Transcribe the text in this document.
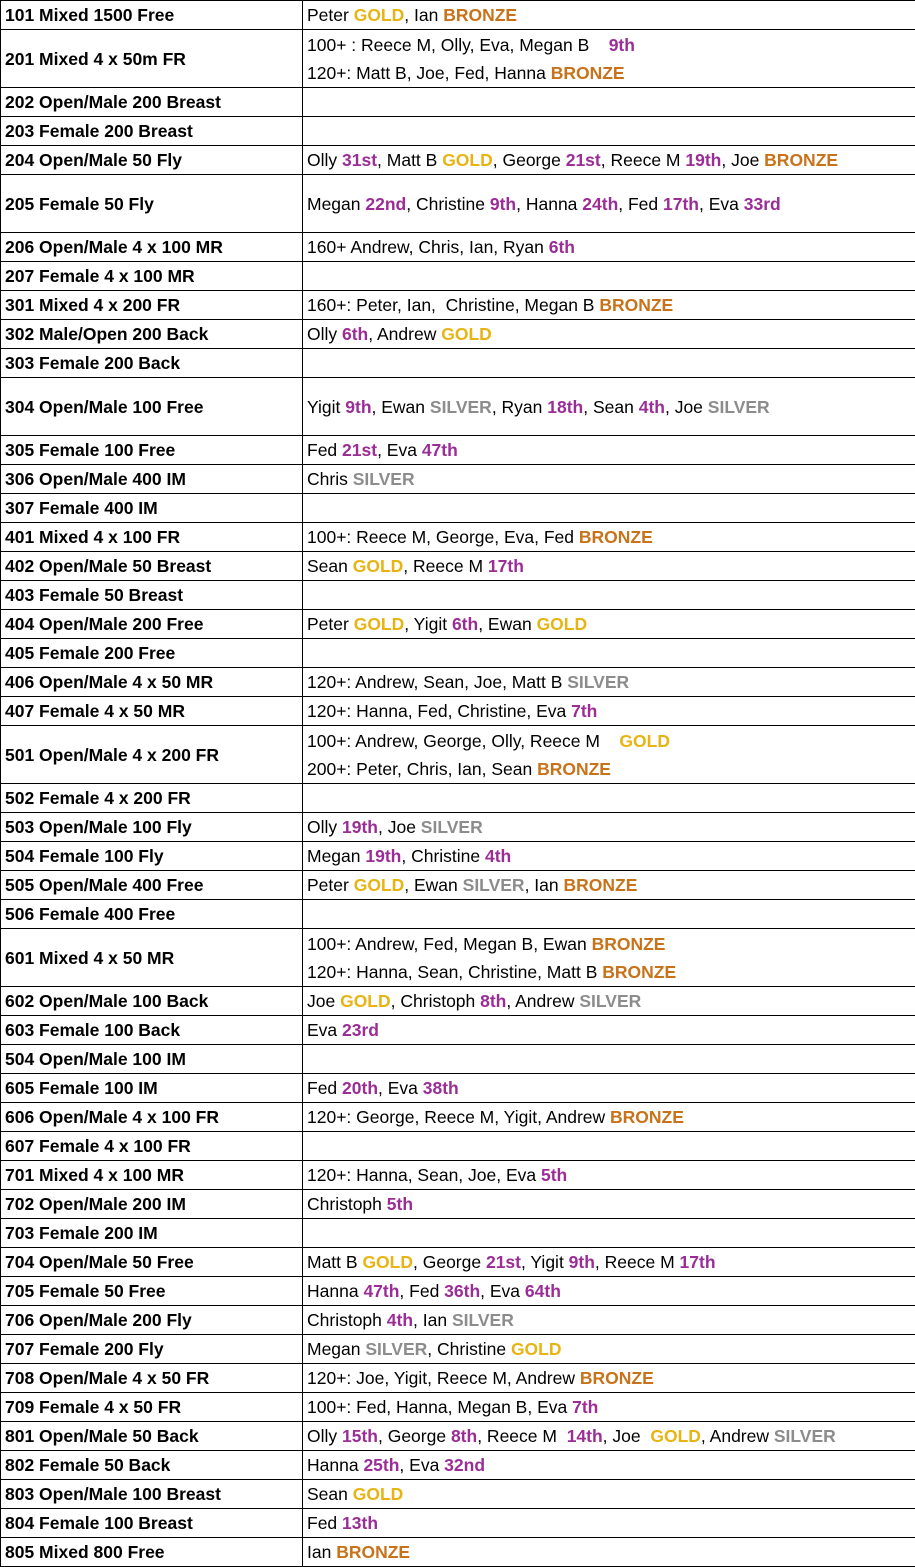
101 Mixed 1500 Free	Peter GOLD, Ian BRONZE

201 Mixed 4 x 50m FR	100+ : Reece M, Olly, Eva, Megan B    9th
120+: Matt B, Joe, Fed, Hanna BRONZE

202 Open/Male 200 Breast	
203 Female 200 Breast	
204 Open/Male 50 Fly	Olly 31st, Matt B GOLD, George 21st, Reece M 19th, Joe BRONZE

205 Female 50 Fly	Megan 22nd, Christine 9th, Hanna 24th, Fed 17th, Eva 33rd

206 Open/Male 4 x 100 MR	160+ Andrew, Chris, Ian, Ryan 6th

207 Female 4 x 100 MR	
301 Mixed 4 x 200 FR	160+: Peter, Ian,  Christine, Megan B BRONZE

302 Male/Open 200 Back	Olly 6th, Andrew GOLD

303 Female 200 Back	
304 Open/Male 100 Free	Yigit 9th, Ewan SILVER, Ryan 18th, Sean 4th, Joe SILVER

305 Female 100 Free	Fed 21st, Eva 47th

306 Open/Male 400 IM	Chris SILVER

307 Female 400 IM	
401 Mixed 4 x 100 FR	100+: Reece M, George, Eva, Fed BRONZE

402 Open/Male 50 Breast	Sean GOLD, Reece M 17th

403 Female 50 Breast	
404 Open/Male 200 Free	Peter GOLD, Yigit 6th, Ewan GOLD

405 Female 200 Free	
406 Open/Male 4 x 50 MR	120+: Andrew, Sean, Joe, Matt B SILVER

407 Female 4 x 50 MR	120+: Hanna, Fed, Christine, Eva 7th

501 Open/Male 4 x 200 FR	100+: Andrew, George, Olly, Reece M    GOLD
200+: Peter, Chris, Ian, Sean BRONZE

502 Female 4 x 200 FR	
503 Open/Male 100 Fly	Olly 19th, Joe SILVER

504 Female 100 Fly	Megan 19th, Christine 4th

505 Open/Male 400 Free	Peter GOLD, Ewan SILVER, Ian BRONZE

506 Female 400 Free	
601 Mixed 4 x 50 MR	100+: Andrew, Fed, Megan B, Ewan BRONZE
120+: Hanna, Sean, Christine, Matt B BRONZE

602 Open/Male 100 Back	Joe GOLD, Christoph 8th, Andrew SILVER

603 Female 100 Back	Eva 23rd

504 Open/Male 100 IM	
605 Female 100 IM	Fed 20th, Eva 38th

606 Open/Male 4 x 100 FR	120+: George, Reece M, Yigit, Andrew BRONZE

607 Female 4 x 100 FR	
701 Mixed 4 x 100 MR	120+: Hanna, Sean, Joe, Eva 5th

702 Open/Male 200 IM	Christoph 5th

703 Female 200 IM	
704 Open/Male 50 Free	Matt B GOLD, George 21st, Yigit 9th, Reece M 17th

705 Female 50 Free	Hanna 47th, Fed 36th, Eva 64th

706 Open/Male 200 Fly	Christoph 4th, Ian SILVER

707 Female 200 Fly	Megan SILVER, Christine GOLD

708 Open/Male 4 x 50 FR	120+: Joe, Yigit, Reece M, Andrew BRONZE

709 Female 4 x 50 FR	100+: Fed, Hanna, Megan B, Eva 7th

801 Open/Male 50 Back	Olly 15th, George 8th, Reece M  14th, Joe  GOLD, Andrew SILVER

802 Female 50 Back	Hanna 25th, Eva 32nd

803 Open/Male 100 Breast	Sean GOLD

804 Female 100 Breast	Fed 13th

805 Mixed 800 Free	Ian BRONZE
